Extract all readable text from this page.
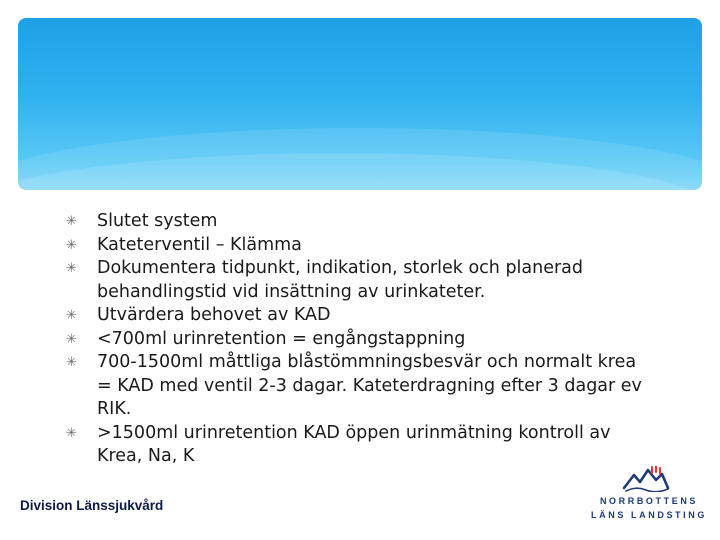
✳ Slutet system
✳ Kateterventil – Klämma
✳ Dokumentera tidpunkt, indikation, storlek och planerad behandlingstid vid insättning av urinkateter.
✳ Utvärdera behovet av KAD
✳ <700ml urinretention = engångstappning
✳ 700-1500ml måttliga blåstömmningsbesvär och normalt krea = KAD med ventil 2-3 dagar. Kateterdragning efter 3 dagar ev RIK.
✳ >1500ml urinretention KAD öppen urinmätning kontroll av Krea, Na, K
Division Länssjukvård	NORRBOTTENS
LÄNS LANDSTING
